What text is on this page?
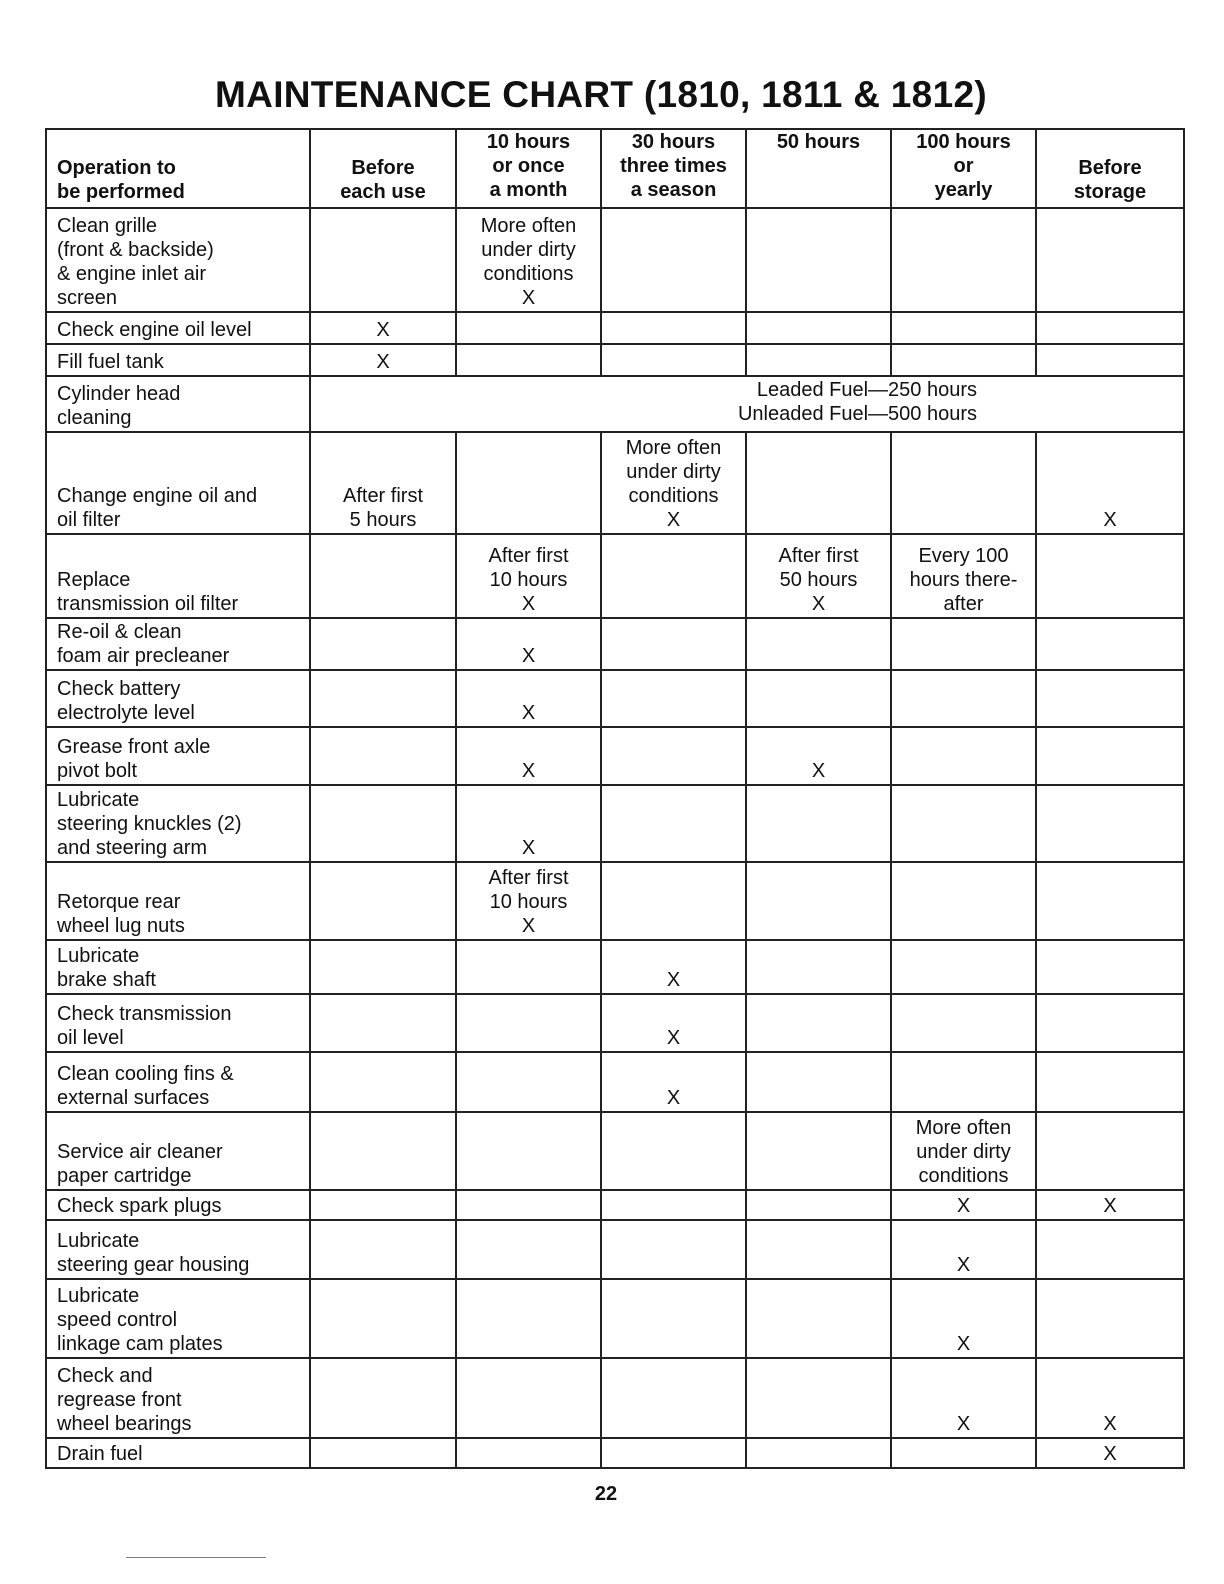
MAINTENANCE CHART (1810, 1811 & 1812)
Operation to
be performed	Before
each use	10 hours
or once
a month	30 hours
three times
a season	50 hours	100 hours
or
yearly	Before
storage

Clean grille
(front & backside)
& engine inlet air
screen		More often
under dirty
conditions
X				

Check engine oil level	X					

Fill fuel tank	X					

Cylinder head
cleaning	Leaded Fuel—250 hours
Unleaded Fuel—500 hours					

Change engine oil and
oil filter	After first
5 hours		More often
under dirty
conditions
X			X

Replace
transmission oil filter		After first
10 hours
X		After first
50 hours
X	Every 100
hours there-
after	

Re-oil & clean
foam air precleaner		X				

Check battery
electrolyte level		X				

Grease front axle
pivot bolt		X		X		

Lubricate
steering knuckles (2)
and steering arm		X				

Retorque rear
wheel lug nuts		After first
10 hours
X				

Lubricate
brake shaft			X			

Check transmission
oil level			X			

Clean cooling fins &
external surfaces			X			

Service air cleaner
paper cartridge					More often
under dirty
conditions	

Check spark plugs					X	X

Lubricate
steering gear housing					X	

Lubricate
speed control
linkage cam plates					X	

Check and
regrease front
wheel bearings					X	X

Drain fuel						X
22
